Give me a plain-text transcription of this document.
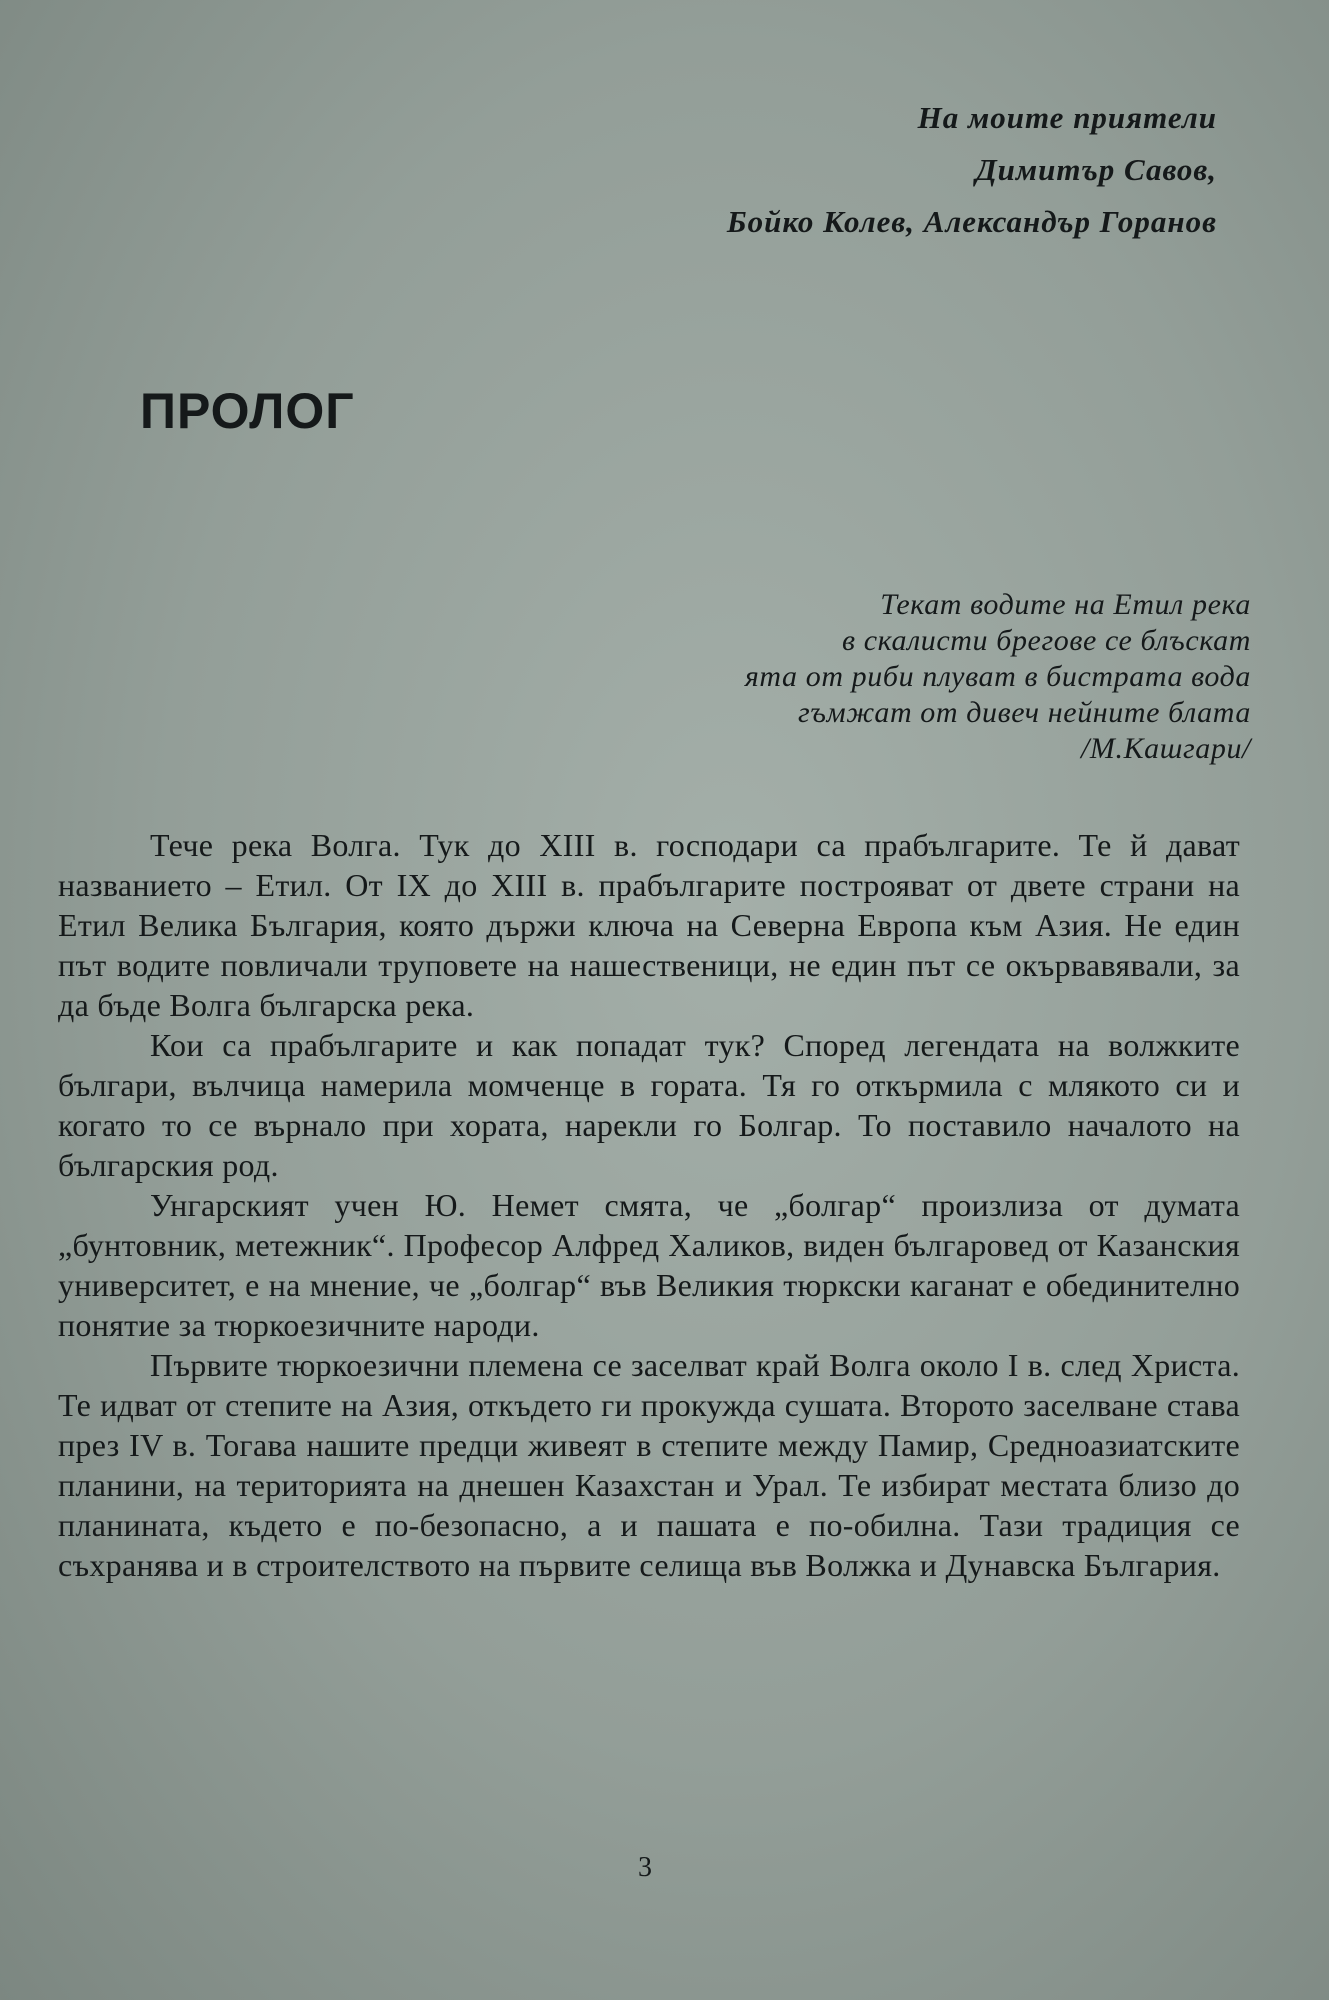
На моите приятели
Димитър Савов,
Бойко Колев, Александър Горанов
ПРОЛОГ
Текат водите на Етил река
в скалисти брегове се блъскат
ята от риби плуват в бистрата вода
гъмжат от дивеч нейните блата
/М.Кашгари/

Тече река Волга. Тук до XIII в. господари са прабългарите. Те й дават названието – Етил. От IX до XIII в. прабългарите построяват от двете страни на Етил Велика България, която държи ключа на Северна Европа към Азия. Не един път водите повличали труповете на нашественици, не един път се окървавявали, за да бъде Волга българска река.

Кои са прабългарите и как попадат тук? Според легендата на волжките българи, вълчица намерила момченце в гората. Тя го откърмила с млякото си и когато то се върнало при хората, нарекли го Болгар. То поставило началото на българския род.

Унгарският учен Ю. Немет смята, че „болгар“ произлиза от думата „бунтовник, метежник“. Професор Алфред Халиков, виден българовед от Казанския университет, е на мнение, че „болгар“ във Великия тюркски каганат е обединително понятие за тюркоезичните народи.

Първите тюркоезични племена се заселват край Волга около I в. след Христа. Те идват от степите на Азия, откъдето ги прокужда сушата. Второто заселване става през IV в. Тогава нашите предци живеят в степите между Памир, Средноазиатските планини, на територията на днешен Казахстан и Урал. Те избират местата близо до планината, където е по-безопасно, а и пашата е по-обилна. Тази традиция се съхранява и в строителството на първите селища във Волжка и Дунавска България.

3
